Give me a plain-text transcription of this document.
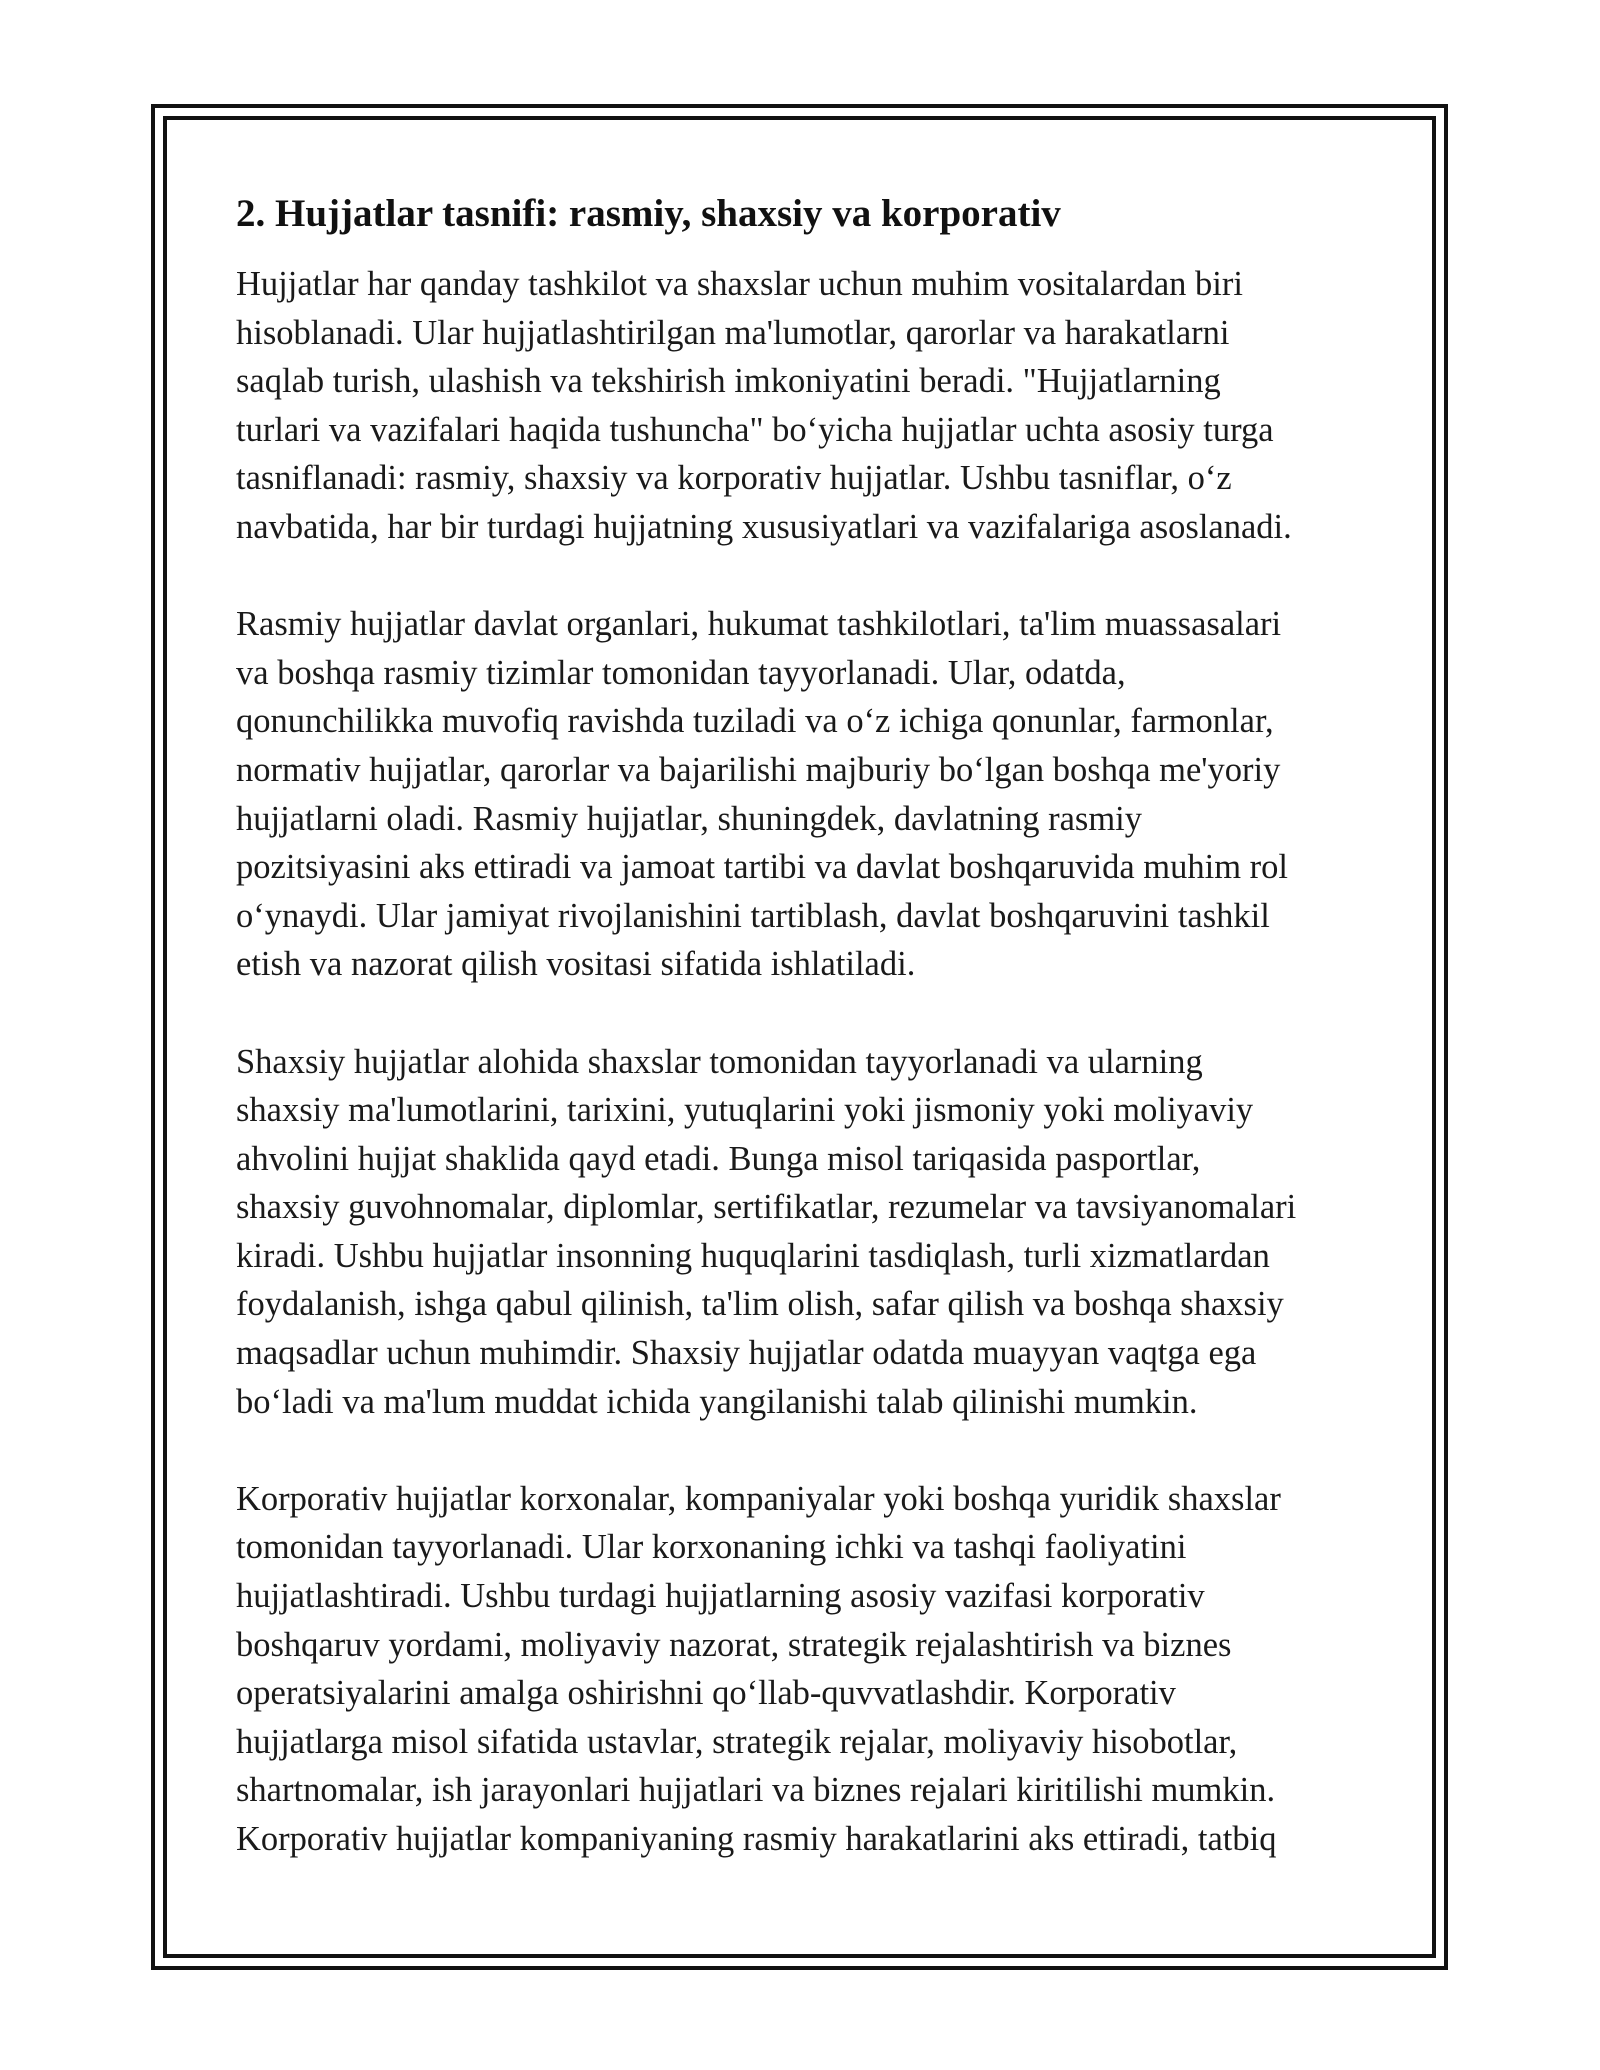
2. Hujjatlar tasnifi: rasmiy, shaxsiy va korporativ
Hujjatlar har qanday tashkilot va shaxslar uchun muhim vositalardan biri
hisoblanadi. Ular hujjatlashtirilgan ma'lumotlar, qarorlar va harakatlarni
saqlab turish, ulashish va tekshirish imkoniyatini beradi. "Hujjatlarning
turlari va vazifalari haqida tushuncha" bo‘yicha hujjatlar uchta asosiy turga
tasniflanadi: rasmiy, shaxsiy va korporativ hujjatlar. Ushbu tasniflar, o‘z
navbatida, har bir turdagi hujjatning xususiyatlari va vazifalariga asoslanadi.
Rasmiy hujjatlar davlat organlari, hukumat tashkilotlari, ta'lim muassasalari
va boshqa rasmiy tizimlar tomonidan tayyorlanadi. Ular, odatda,
qonunchilikka muvofiq ravishda tuziladi va o‘z ichiga qonunlar, farmonlar,
normativ hujjatlar, qarorlar va bajarilishi majburiy bo‘lgan boshqa me'yoriy
hujjatlarni oladi. Rasmiy hujjatlar, shuningdek, davlatning rasmiy
pozitsiyasini aks ettiradi va jamoat tartibi va davlat boshqaruvida muhim rol
o‘ynaydi. Ular jamiyat rivojlanishini tartiblash, davlat boshqaruvini tashkil
etish va nazorat qilish vositasi sifatida ishlatiladi.
Shaxsiy hujjatlar alohida shaxslar tomonidan tayyorlanadi va ularning
shaxsiy ma'lumotlarini, tarixini, yutuqlarini yoki jismoniy yoki moliyaviy
ahvolini hujjat shaklida qayd etadi. Bunga misol tariqasida pasportlar,
shaxsiy guvohnomalar, diplomlar, sertifikatlar, rezumelar va tavsiyanomalari
kiradi. Ushbu hujjatlar insonning huquqlarini tasdiqlash, turli xizmatlardan
foydalanish, ishga qabul qilinish, ta'lim olish, safar qilish va boshqa shaxsiy
maqsadlar uchun muhimdir. Shaxsiy hujjatlar odatda muayyan vaqtga ega
bo‘ladi va ma'lum muddat ichida yangilanishi talab qilinishi mumkin.
Korporativ hujjatlar korxonalar, kompaniyalar yoki boshqa yuridik shaxslar
tomonidan tayyorlanadi. Ular korxonaning ichki va tashqi faoliyatini
hujjatlashtiradi. Ushbu turdagi hujjatlarning asosiy vazifasi korporativ
boshqaruv yordami, moliyaviy nazorat, strategik rejalashtirish va biznes
operatsiyalarini amalga oshirishni qo‘llab-quvvatlashdir. Korporativ
hujjatlarga misol sifatida ustavlar, strategik rejalar, moliyaviy hisobotlar,
shartnomalar, ish jarayonlari hujjatlari va biznes rejalari kiritilishi mumkin.
Korporativ hujjatlar kompaniyaning rasmiy harakatlarini aks ettiradi, tatbiq
